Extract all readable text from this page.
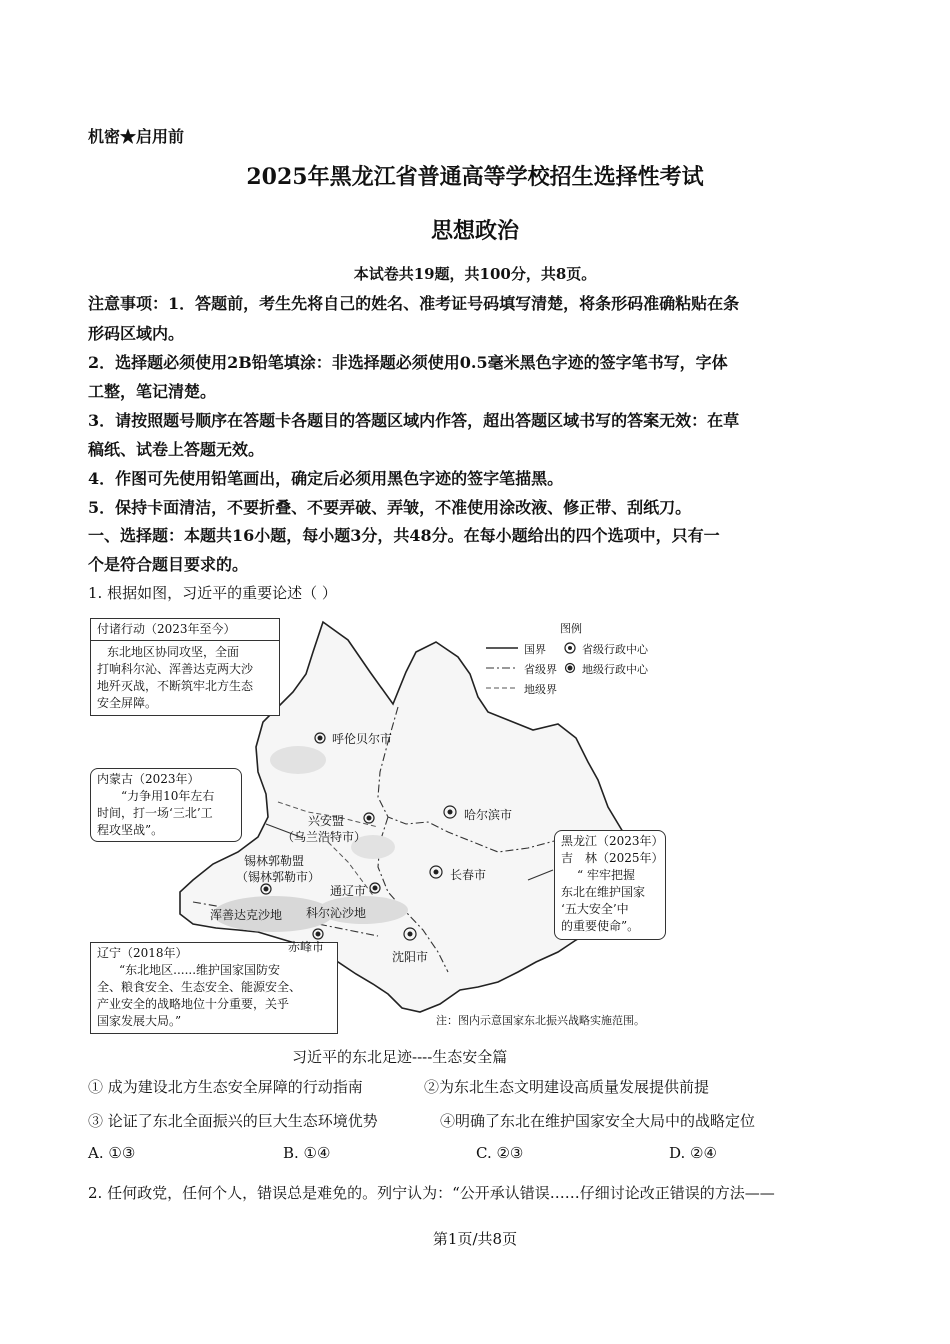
机密★启用前
2025年黑龙江省普通高等学校招生选择性考试
思想政治
本试卷共19题，共100分，共8页。
注意事项：1．答题前，考生先将自己的姓名、准考证号码填写清楚，将条形码准确粘贴在条
形码区域内。
2．选择题必须使用2B铅笔填涂：非选择题必须使用0.5毫米黑色字迹的签字笔书写，字体
工整，笔记清楚。
3．请按照题号顺序在答题卡各题目的答题区域内作答，超出答题区域书写的答案无效：在草
稿纸、试卷上答题无效。
4．作图可先使用铅笔画出，确定后必须用黑色字迹的签字笔描黑。
5．保持卡面清洁，不要折叠、不要弄破、弄皱，不准使用涂改液、修正带、刮纸刀。
一、选择题：本题共16小题，每小题3分，共48分。在每小题给出的四个选项中，只有一
个是符合题目要求的。
1. 根据如图，习近平的重要论述（ ）
图例
国界
省级界
地级界
省级行政中心
地级行政中心
付诸行动（2023年至今）
东北地区协同攻坚，全面
打响科尔沁、浑善达克两大沙
地歼灭战，不断筑牢北方生态
安全屏障。
内蒙古（2023年）
“力争用10年左右
时间，打一场‘三北’工
程攻坚战”。
辽宁（2018年）
“东北地区......维护国家国防安
全、粮食安全、生态安全、能源安全、
产业安全的战略地位十分重要，关乎
国家发展大局。”
黑龙江（2023年）
吉　林（2025年）
“ 牢牢把握
东北在维护国家
‘五大安全’中
的重要使命”。
呼伦贝尔市
兴安盟
（乌兰浩特市）
哈尔滨市
长春市
锡林郭勒盟
（锡林郭勒市）
通辽市
赤峰市
沈阳市
浑善达克沙地 科尔沁沙地
注：图内示意国家东北振兴战略实施范围。
习近平的东北足迹----生态安全篇
① 成为建设北方生态安全屏障的行动指南	②为东北生态文明建设高质量发展提供前提
③ 论证了东北全面振兴的巨大生态环境优势	④明确了东北在维护国家安全大局中的战略定位
A. ①③	B. ①④	C. ②③	D. ②④
2. 任何政党，任何个人，错误总是难免的。列宁认为：“公开承认错误……仔细讨论改正错误的方法——
第1页/共8页
